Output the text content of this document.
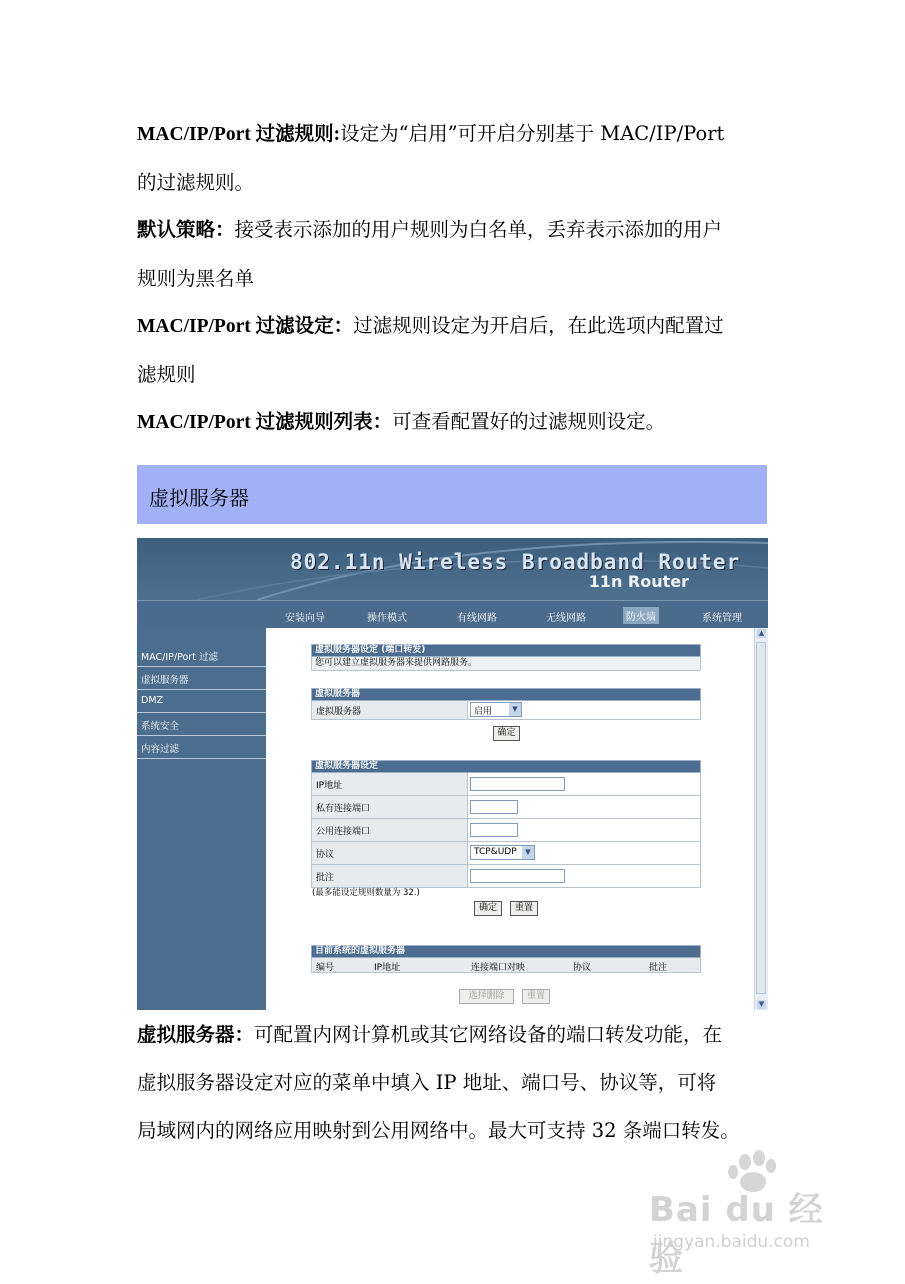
MAC/IP/Port 过滤规则:设定为“启用”可开启分别基于 MAC/IP/Port
的过滤规则。
默认策略：接受表示添加的用户规则为白名单，丢弃表示添加的用户
规则为黑名单
MAC/IP/Port 过滤设定：过滤规则设定为开启后，在此选项内配置过
滤规则
MAC/IP/Port 过滤规则列表：可查看配置好的过滤规则设定。
虚拟服务器
802.11n Wireless Broadband Router
11n Router
安装向导	操作模式	有线网路	无线网路	防火墙	系统管理
MAC/IP/Port 过滤
虚拟服务器
DMZ
系统安全
内容过滤
虚拟服务器设定 (端口转发)
您可以建立虚拟服务器来提供网路服务。
虚拟服务器
虚拟服务器	启用	▼
确定
虚拟服务器设定
IP地址
私有连接端口
公用连接端口
协议	TCP&UDP	▼
批注
(最多能设定规则数量为 32.)
确定	重置
目前系统的虚拟服务器
编号	IP地址	连接端口对映	协议	批注
选择删除	重置
▲
▼
虚拟服务器：可配置内网计算机或其它网络设备的端口转发功能，在
虚拟服务器设定对应的菜单中填入 IP 地址、端口号、协议等，可将
局域网内的网络应用映射到公用网络中。最大可支持 32 条端口转发。
Bai du 经验
jingyan.baidu.com
